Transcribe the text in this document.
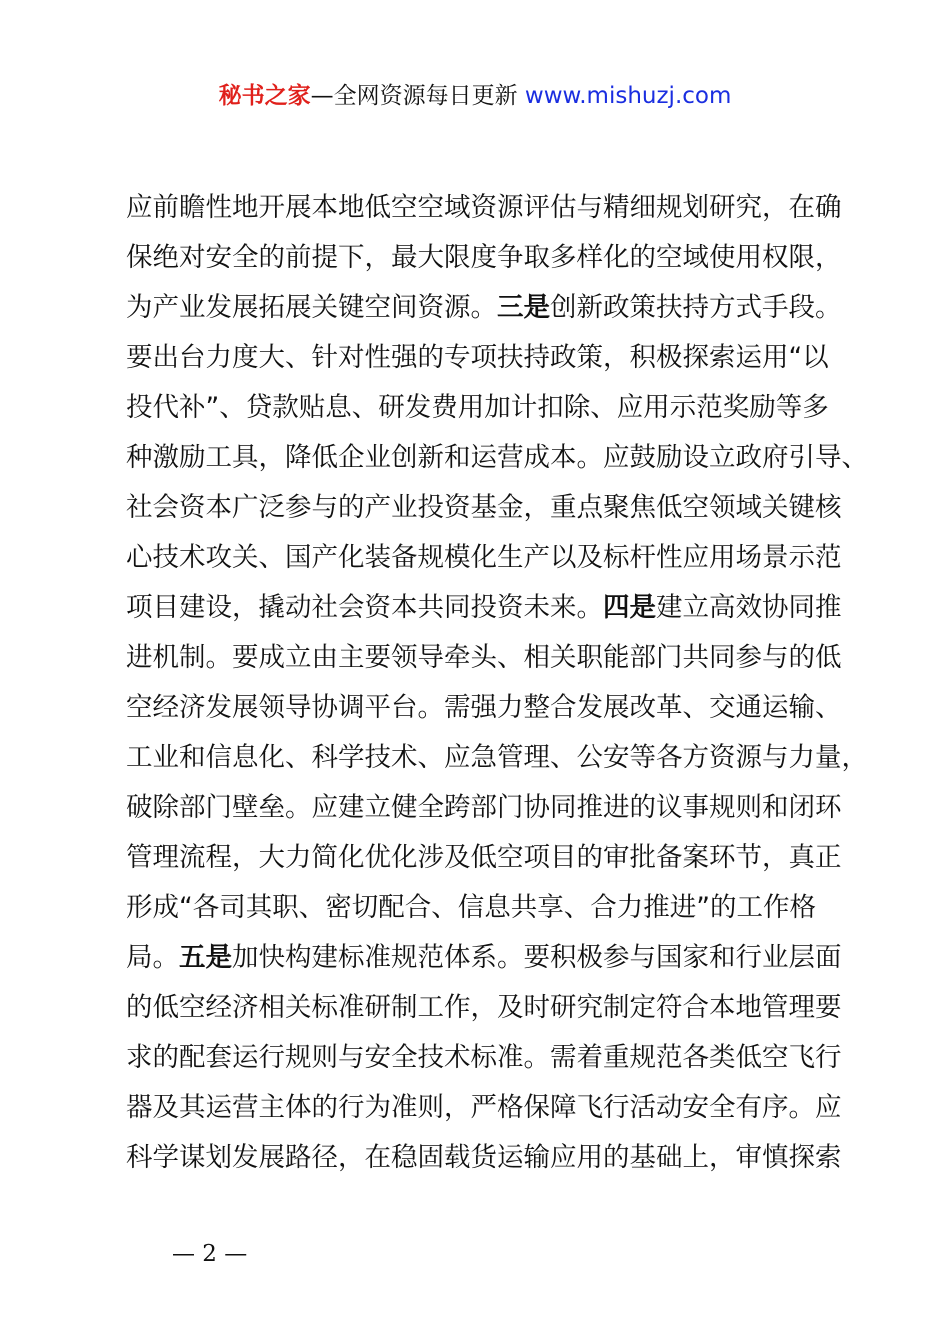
秘书之家—全网资源每日更新 www.mishuzj.com
应前瞻性地开展本地低空空域资源评估与精细规划研究，在确
保绝对安全的前提下，最大限度争取多样化的空域使用权限，
为产业发展拓展关键空间资源。三是创新政策扶持方式手段。
要出台力度大、针对性强的专项扶持政策，积极探索运用“以
投代补”、贷款贴息、研发费用加计扣除、应用示范奖励等多
种激励工具，降低企业创新和运营成本。应鼓励设立政府引导、
社会资本广泛参与的产业投资基金，重点聚焦低空领域关键核
心技术攻关、国产化装备规模化生产以及标杆性应用场景示范
项目建设，撬动社会资本共同投资未来。四是建立高效协同推
进机制。要成立由主要领导牵头、相关职能部门共同参与的低
空经济发展领导协调平台。需强力整合发展改革、交通运输、
工业和信息化、科学技术、应急管理、公安等各方资源与力量，
破除部门壁垒。应建立健全跨部门协同推进的议事规则和闭环
管理流程，大力简化优化涉及低空项目的审批备案环节，真正
形成“各司其职、密切配合、信息共享、合力推进”的工作格
局。五是加快构建标准规范体系。要积极参与国家和行业层面
的低空经济相关标准研制工作，及时研究制定符合本地管理要
求的配套运行规则与安全技术标准。需着重规范各类低空飞行
器及其运营主体的行为准则，严格保障飞行活动安全有序。应
科学谋划发展路径，在稳固载货运输应用的基础上，审慎探索
— 2 —
